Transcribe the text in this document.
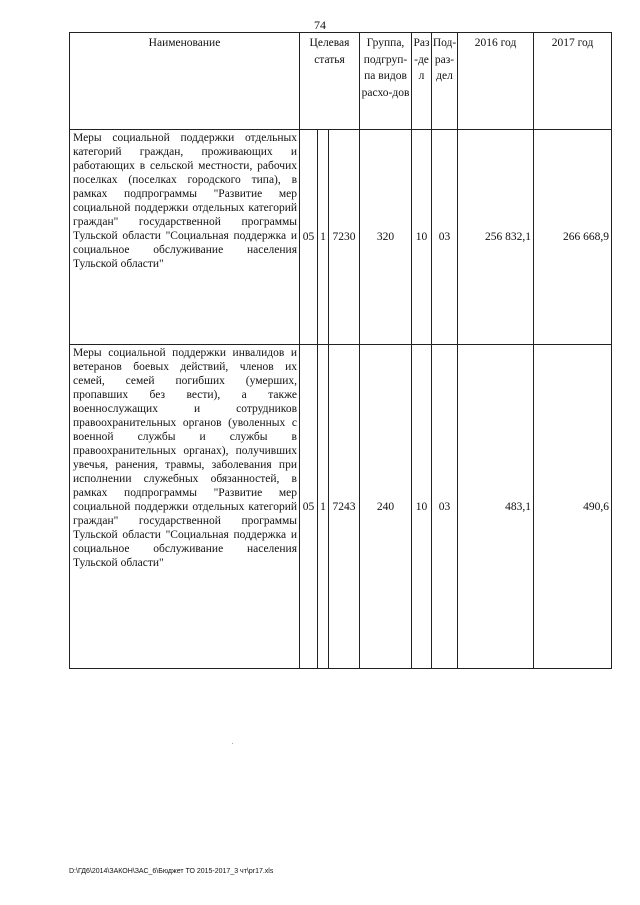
74
Наименование	Целевая статья			Группа, подгруп-па видов расхо-дов	Раз-дел	Под-раз-дел	2016 год	2017 год
Меры социальной поддержки отдельных категорий граждан, проживающих и работающих в сельской местности, рабочих поселках (поселках городского типа), в рамках подпрограммы "Развитие мер социальной поддержки отдельных категорий граждан" государственной программы Тульской области "Социальная поддержка и социальное обслуживание населения Тульской области"	05	1	7230	320	10	03	256 832,1	266 668,9
Меры социальной поддержки инвалидов и ветеранов боевых действий, членов их семей, семей погибших (умерших, пропавших без вести), а также военнослужащих и сотрудников правоохранительных органов (уволенных с военной службы и службы в правоохранительных органах), получивших увечья, ранения, травмы, заболевания при исполнении служебных обязанностей, в рамках подпрограммы "Развитие мер социальной поддержки отдельных категорий граждан" государственной программы Тульской области "Социальная поддержка и социальное обслуживание населения Тульской области"	05	1	7243	240	10	03	483,1	490,6
D:\ГД6\2014\ЗАКОН\ЗАС_6\Бюджет ТО 2015-2017_3 чт\pr17.xls
